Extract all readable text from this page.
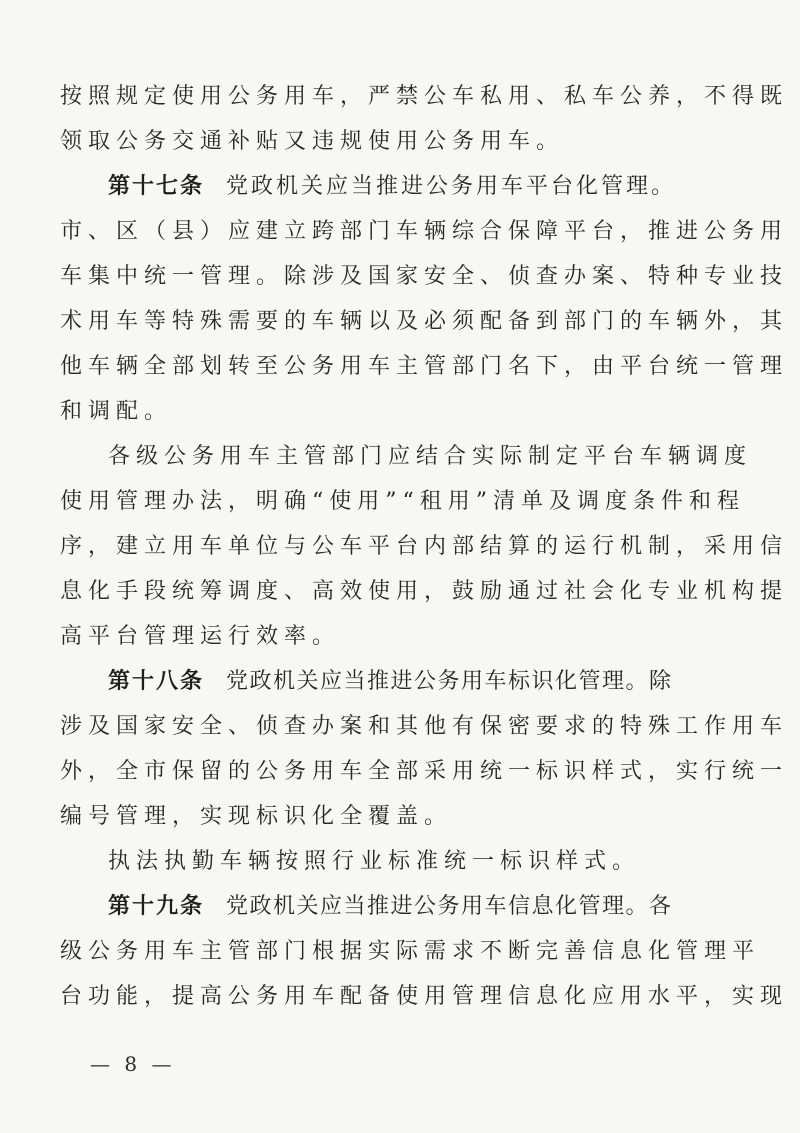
按照规定使用公务用车，严禁公车私用、私车公养，不得既
领取公务交通补贴又违规使用公务用车。
第十七条 党政机关应当推进公务用车平台化管理。
市、区（县）应建立跨部门车辆综合保障平台，推进公务用
车集中统一管理。除涉及国家安全、侦查办案、特种专业技
术用车等特殊需要的车辆以及必须配备到部门的车辆外，其
他车辆全部划转至公务用车主管部门名下，由平台统一管理
和调配。
各级公务用车主管部门应结合实际制定平台车辆调度
使用管理办法，明确“使用”“租用”清单及调度条件和程
序，建立用车单位与公车平台内部结算的运行机制，采用信
息化手段统筹调度、高效使用，鼓励通过社会化专业机构提
高平台管理运行效率。
第十八条 党政机关应当推进公务用车标识化管理。除
涉及国家安全、侦查办案和其他有保密要求的特殊工作用车
外，全市保留的公务用车全部采用统一标识样式，实行统一
编号管理，实现标识化全覆盖。
执法执勤车辆按照行业标准统一标识样式。
第十九条 党政机关应当推进公务用车信息化管理。各
级公务用车主管部门根据实际需求不断完善信息化管理平
台功能，提高公务用车配备使用管理信息化应用水平，实现
— 8 —
